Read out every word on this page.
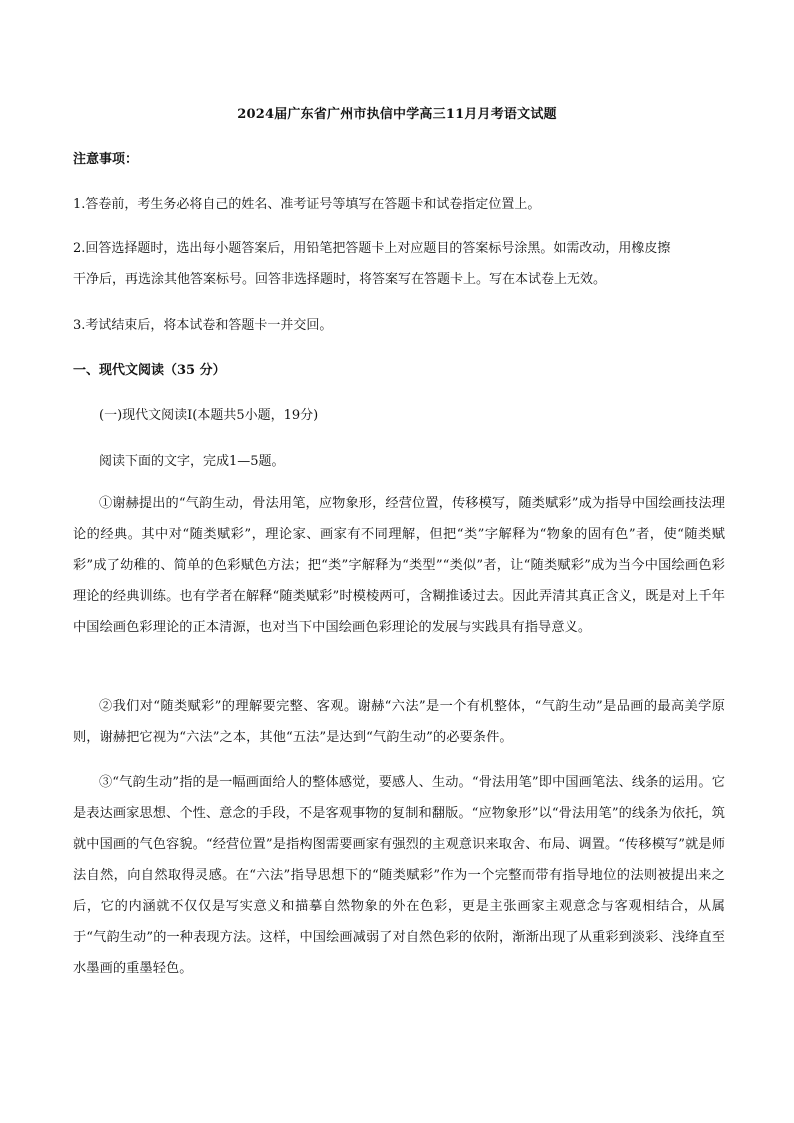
2024届广东省广州市执信中学高三11月月考语文试题
注意事项：
1.答卷前，考生务必将自己的姓名、准考证号等填写在答题卡和试卷指定位置上。
2.回答选择题时，选出每小题答案后，用铅笔把答题卡上对应题目的答案标号涂黑。如需改动，用橡皮擦
干净后，再选涂其他答案标号。回答非选择题时，将答案写在答题卡上。写在本试卷上无效。
3.考试结束后，将本试卷和答题卡一并交回。
一、现代文阅读（35 分）
(一)现代文阅读Ⅰ(本题共5小题，19分)
阅读下面的文字，完成1—5题。
①谢赫提出的“气韵生动，骨法用笔，应物象形，经营位置，传移模写，随类赋彩”成为指导中国绘画技法理论的经典。其中对“随类赋彩”，理论家、画家有不同理解，但把“类”字解释为“物象的固有色”者，使“随类赋彩”成了幼稚的、简单的色彩赋色方法；把“类”字解释为“类型”“类似”者，让“随类赋彩”成为当今中国绘画色彩理论的经典训练。也有学者在解释“随类赋彩”时模棱两可，含糊推诿过去。因此弄清其真正含义，既是对上千年中国绘画色彩理论的正本清源，也对当下中国绘画色彩理论的发展与实践具有指导意义。
②我们对“随类赋彩”的理解要完整、客观。谢赫“六法”是一个有机整体，“气韵生动”是品画的最高美学原则，谢赫把它视为“六法”之本，其他“五法”是达到“气韵生动”的必要条件。
③“气韵生动”指的是一幅画面给人的整体感觉，要感人、生动。“骨法用笔”即中国画笔法、线条的运用。它是表达画家思想、个性、意念的手段，不是客观事物的复制和翻版。“应物象形”以“骨法用笔”的线条为依托，筑就中国画的气色容貌。“经营位置”是指构图需要画家有强烈的主观意识来取舍、布局、调置。“传移模写”就是师法自然，向自然取得灵感。在“六法”指导思想下的“随类赋彩”作为一个完整而带有指导地位的法则被提出来之后，它的内涵就不仅仅是写实意义和描摹自然物象的外在色彩，更是主张画家主观意念与客观相结合，从属于“气韵生动”的一种表现方法。这样，中国绘画减弱了对自然色彩的依附，渐渐出现了从重彩到淡彩、浅绛直至水墨画的重墨轻色。
